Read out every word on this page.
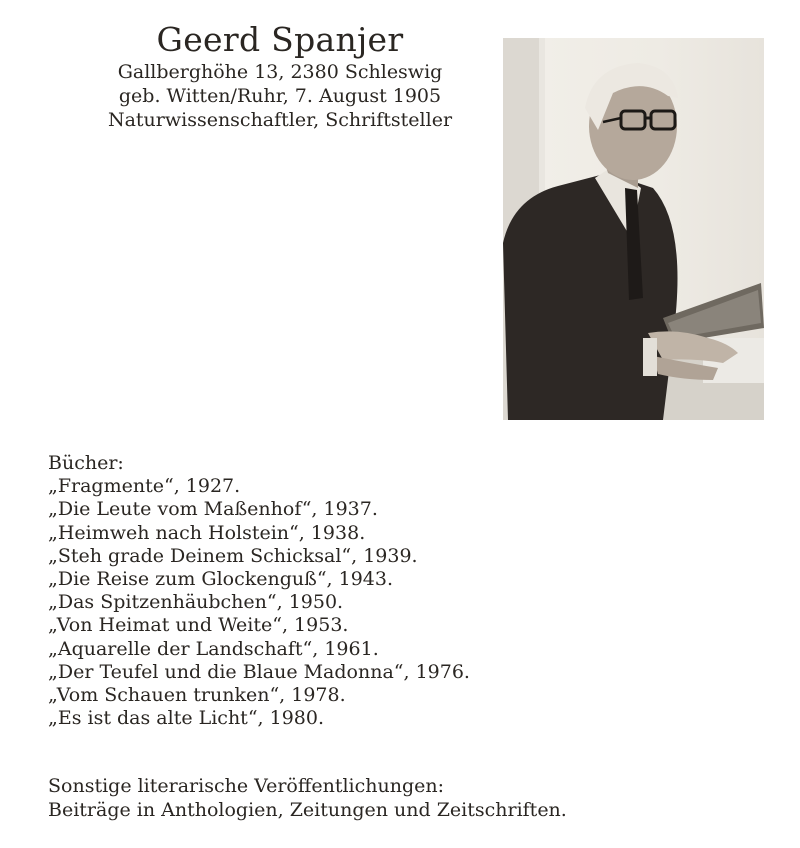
Geerd Spanjer
Gallberghöhe 13, 2380 Schleswig
geb. Witten/Ruhr, 7. August 1905
Naturwissenschaftler, Schriftsteller
Bücher:
„Fragmente“, 1927.
„Die Leute vom Maßenhof“, 1937.
„Heimweh nach Holstein“, 1938.
„Steh grade Deinem Schicksal“, 1939.
„Die Reise zum Glockenguß“, 1943.
„Das Spitzenhäubchen“, 1950.
„Von Heimat und Weite“, 1953.
„Aquarelle der Landschaft“, 1961.
„Der Teufel und die Blaue Madonna“, 1976.
„Vom Schauen trunken“, 1978.
„Es ist das alte Licht“, 1980.
Sonstige literarische Veröffentlichungen:
Beiträge in Anthologien, Zeitungen und Zeitschriften.
